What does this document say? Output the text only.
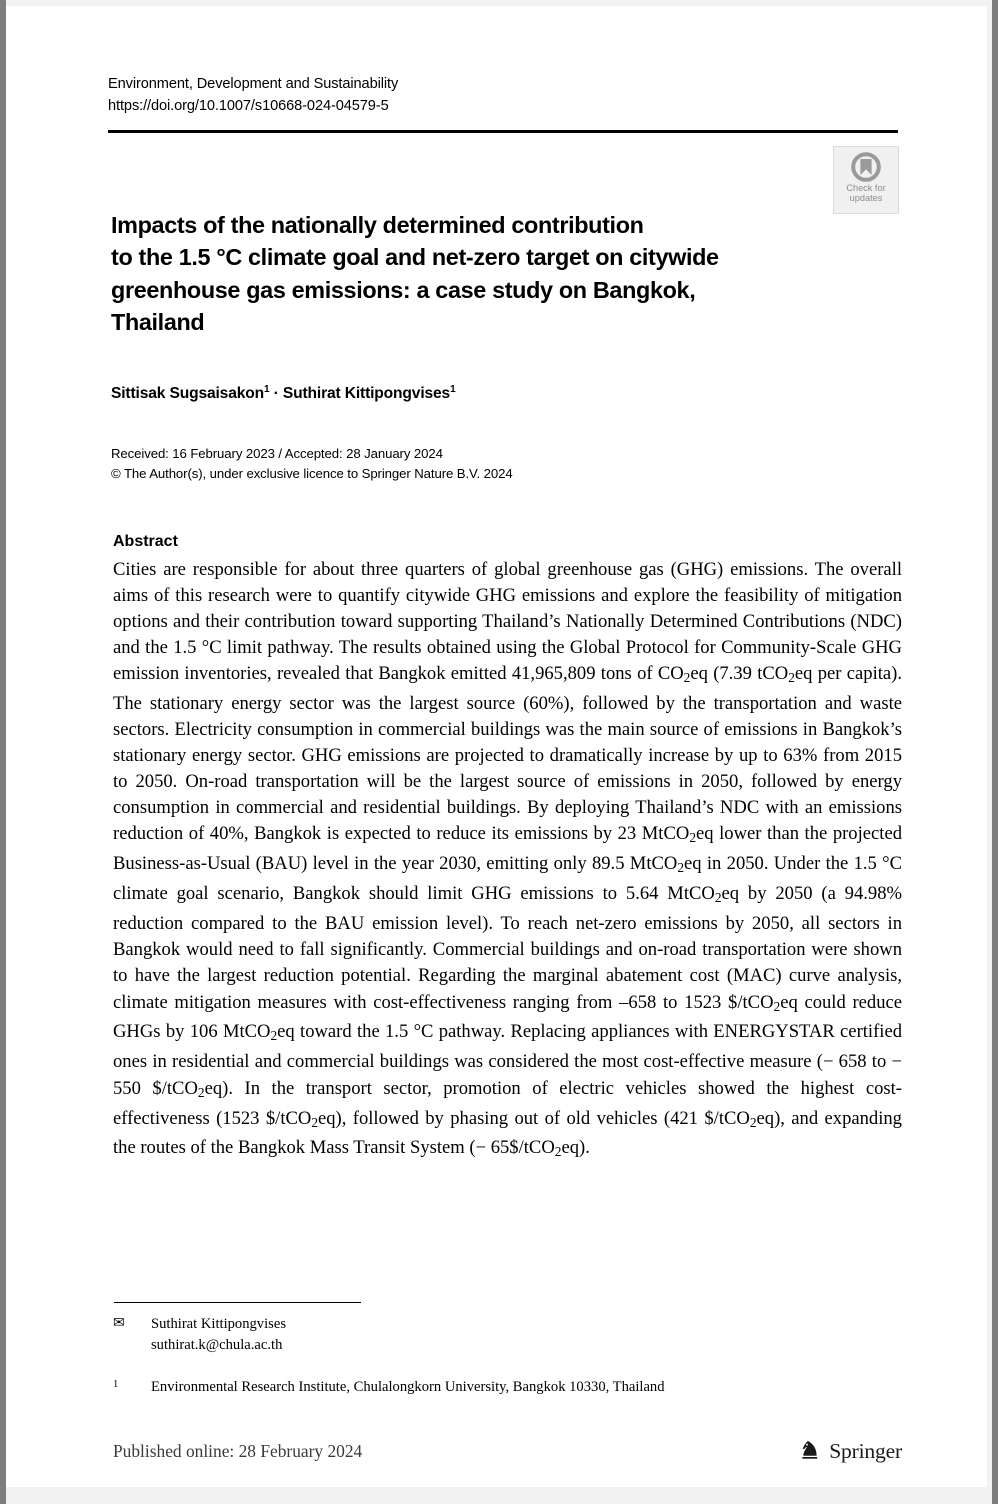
Environment, Development and Sustainability
https://doi.org/10.1007/s10668-024-04579-5
Check for
updates
Impacts of the nationally determined contribution
to the 1.5 °C climate goal and net-zero target on citywide
greenhouse gas emissions: a case study on Bangkok,
Thailand
Sittisak Sugsaisakon$^1$ · Suthirat Kittipongvises$^1$
Received: 16 February 2023 / Accepted: 28 January 2024
© The Author(s), under exclusive licence to Springer Nature B.V. 2024
Abstract
Cities are responsible for about three quarters of global greenhouse gas (GHG) emissions. The overall aims of this research were to quantify citywide GHG emissions and explore the feasibility of mitigation options and their contribution toward supporting Thailand’s Nationally Determined Contributions (NDC) and the 1.5 °C limit pathway. The results obtained using the Global Protocol for Community-Scale GHG emission inventories, revealed that Bangkok emitted 41,965,809 tons of $CO_2eq$ (7.39 tCO$_2$eq per capita). The stationary energy sector was the largest source (60%), followed by the transportation and waste sectors. Electricity consumption in commercial buildings was the main source of emissions in Bangkok’s stationary energy sector. GHG emissions are projected to dramatically increase by up to 63% from 2015 to 2050. On-road transportation will be the largest source of emissions in 2050, followed by energy consumption in commercial and residential buildings. By deploying Thailand’s NDC with an emissions reduction of 40%, Bangkok is expected to reduce its emissions by 23 MtCO$_2$eq lower than the projected Business-as-Usual (BAU) level in the year 2030, emitting only 89.5 MtCO$_2$eq in 2050. Under the 1.5 °C climate goal scenario, Bangkok should limit GHG emissions to 5.64 MtCO$_2$eq by 2050 (a 94.98% reduction compared to the BAU emission level). To reach net-zero emissions by 2050, all sectors in Bangkok would need to fall significantly. Commercial buildings and on-road transportation were shown to have the largest reduction potential. Regarding the marginal abatement cost (MAC) curve analysis, climate mitigation measures with cost-effectiveness ranging from –658 to 1523 $/tCO$_2$eq could reduce GHGs by 106 MtCO$_2$eq toward the 1.5 °C pathway. Replacing appliances with ENERGYSTAR certified ones in residential and commercial buildings was considered the most cost-effective measure (− 658 to − 550 $/tCO$_2$eq). In the transport sector, promotion of electric vehicles showed the highest cost-effectiveness (1523 $/tCO$_2$eq), followed by phasing out of old vehicles (421 $/tCO$_2$eq), and expanding the routes of the Bangkok Mass Transit System (− 65$/tCO$_2$eq).
✉	Suthirat Kittipongvises
suthirat.k@chula.ac.th
1	Environmental Research Institute, Chulalongkorn University, Bangkok 10330, Thailand
Published online: 28 February 2024	Springer
